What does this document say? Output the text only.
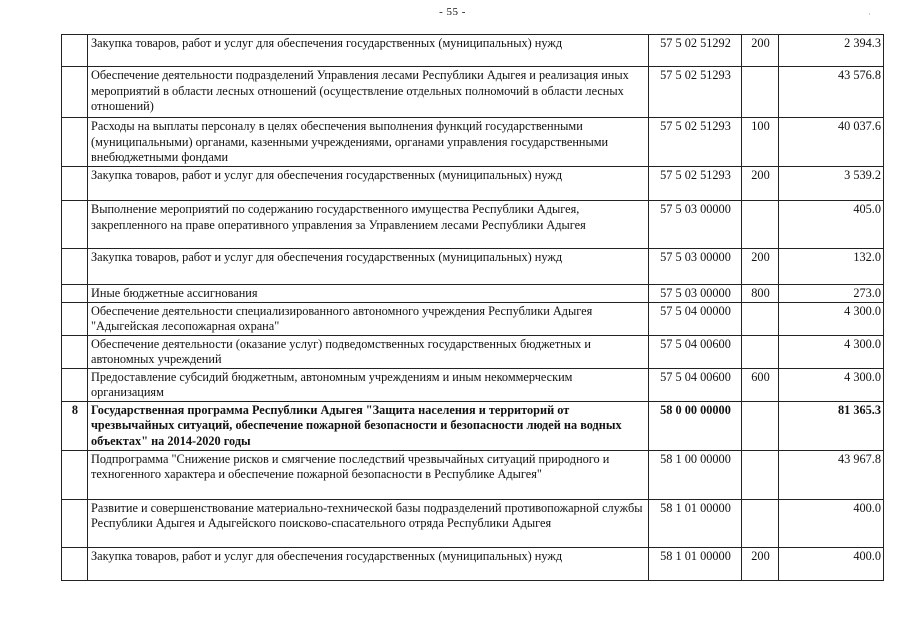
- 55 -	·
	Закупка товаров, работ и услуг для обеспечения государственных (муниципальных) нужд	57 5 02 51292	200	2 394.3
	Обеспечение деятельности подразделений Управления лесами Республики Адыгея и реализация иных мероприятий в области лесных отношений (осуществление отдельных полномочий в области лесных отношений)	57 5 02 51293		43 576.8
	Расходы на выплаты персоналу в целях обеспечения выполнения функций государственными (муниципальными) органами, казенными учреждениями, органами управления государственными внебюджетными фондами	57 5 02 51293	100	40 037.6
	Закупка товаров, работ и услуг для обеспечения государственных (муниципальных) нужд	57 5 02 51293	200	3 539.2
	Выполнение мероприятий по содержанию государственного имущества Республики Адыгея, закрепленного на праве оперативного управления за Управлением лесами Республики Адыгея	57 5 03 00000		405.0
	Закупка товаров, работ и услуг для обеспечения государственных (муниципальных) нужд	57 5 03 00000	200	132.0
	Иные бюджетные ассигнования	57 5 03 00000	800	273.0
	Обеспечение деятельности специализированного автономного учреждения Республики Адыгея "Адыгейская лесопожарная охрана"	57 5 04 00000		4 300.0
	Обеспечение деятельности (оказание услуг) подведомственных государственных бюджетных и автономных учреждений	57 5 04 00600		4 300.0
	Предоставление субсидий бюджетным, автономным учреждениям и иным некоммерческим организациям	57 5 04 00600	600	4 300.0
8	Государственная программа Республики Адыгея "Защита населения и территорий от чрезвычайных ситуаций, обеспечение пожарной безопасности и безопасности людей на водных объектах" на 2014-2020 годы	58 0 00 00000		81 365.3
	Подпрограмма "Снижение рисков и смягчение последствий чрезвычайных ситуаций природного и техногенного характера и обеспечение пожарной безопасности в Республике Адыгея"	58 1 00 00000		43 967.8
	Развитие и совершенствование материально-технической базы подразделений противопожарной службы Республики Адыгея и Адыгейского поисково-спасательного отряда Республики Адыгея	58 1 01 00000		400.0
	Закупка товаров, работ и услуг для обеспечения государственных (муниципальных) нужд	58 1 01 00000	200	400.0
